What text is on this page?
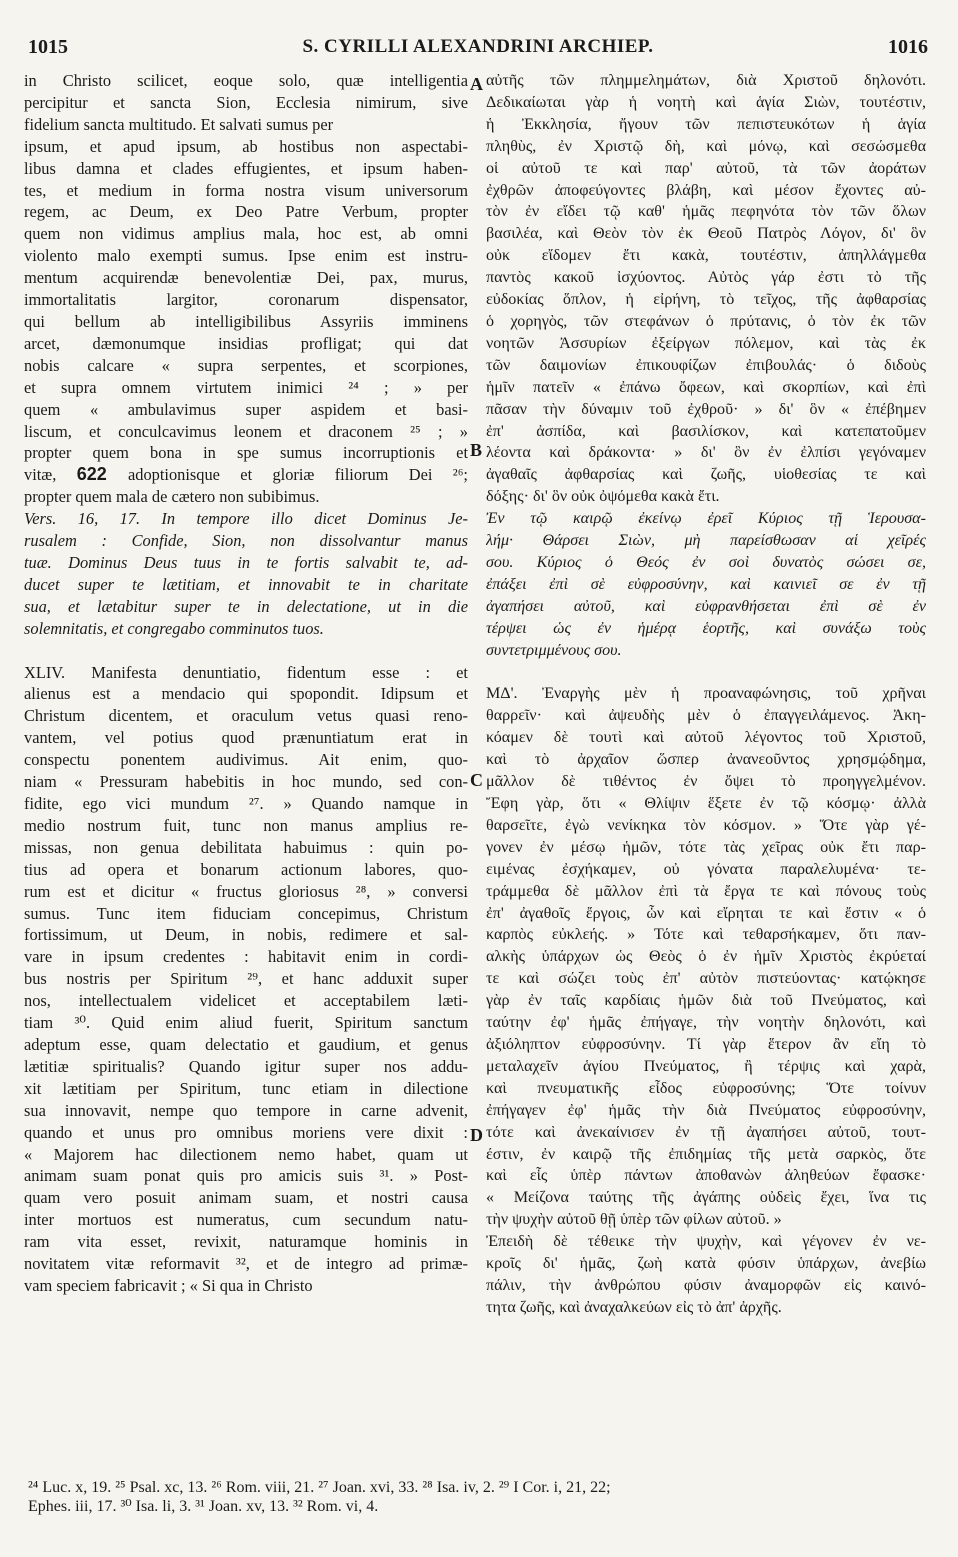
1015	S. CYRILLI ALEXANDRINI ARCHIEP.	1016
A
B
C
D
in Christo scilicet, eoque solo, quæ intelligentia
percipitur et sancta Sion, Ecclesia nimirum, sive
fidelium sancta multitudo. Et salvati sumus per
ipsum, et apud ipsum, ab hostibus non aspectabi-
libus damna et clades effugientes, et ipsum haben-
tes, et medium in forma nostra visum universorum
regem, ac Deum, ex Deo Patre Verbum, propter
quem non vidimus amplius mala, hoc est, ab omni
violento malo exempti sumus. Ipse enim est instru-
mentum acquirendæ benevolentiæ Dei, pax, murus,
immortalitatis largitor, coronarum dispensator,
qui bellum ab intelligibilibus Assyriis imminens
arcet, dæmonumque insidias profligat; qui dat
nobis calcare « supra serpentes, et scorpiones,
et supra omnem virtutem inimici ²⁴ ; » per
quem « ambulavimus super aspidem et basi-
liscum, et conculcavimus leonem et draconem ²⁵ ; »
propter quem bona in spe sumus incorruptionis et
vitæ, 622 adoptionisque et gloriæ filiorum Dei ²⁶;
propter quem mala de cætero non subibimus.
Vers. 16, 17. In tempore illo dicet Dominus Je-
rusalem : Confide, Sion, non dissolvantur manus
tuæ. Dominus Deus tuus in te fortis salvabit te, ad-
ducet super te lætitiam, et innovabit te in charitate
sua, et lætabitur super te in delectatione, ut in die
solemnitatis, et congregabo comminutos tuos.
XLIV. Manifesta denuntiatio, fidentum esse : et
alienus est a mendacio qui spopondit. Idipsum et
Christum dicentem, et oraculum vetus quasi reno-
vantem, vel potius quod prænuntiatum erat in
conspectu ponentem audivimus. Ait enim, quo-
niam « Pressuram habebitis in hoc mundo, sed con-
fidite, ego vici mundum ²⁷. » Quando namque in
medio nostrum fuit, tunc non manus amplius re-
missas, non genua debilitata habuimus : quin po-
tius ad opera et bonarum actionum labores, quo-
rum est et dicitur « fructus gloriosus ²⁸, » conversi
sumus. Tunc item fiduciam concepimus, Christum
fortissimum, ut Deum, in nobis, redimere et sal-
vare in ipsum credentes : habitavit enim in cordi-
bus nostris per Spiritum ²⁹, et hanc adduxit super
nos, intellectualem videlicet et acceptabilem læti-
tiam ³⁰. Quid enim aliud fuerit, Spiritum sanctum
adeptum esse, quam delectatio et gaudium, et genus
lætitiæ spiritualis? Quando igitur super nos addu-
xit lætitiam per Spiritum, tunc etiam in dilectione
sua innovavit, nempe quo tempore in carne advenit,
quando et unus pro omnibus moriens vere dixit :
« Majorem hac dilectionem nemo habet, quam ut
animam suam ponat quis pro amicis suis ³¹. » Post-
quam vero posuit animam suam, et nostri causa
inter mortuos est numeratus, cum secundum natu-
ram vita esset, revixit, naturamque hominis in
novitatem vitæ reformavit ³², et de integro ad primæ-
vam speciem fabricavit ; « Si qua in Christo
αὐτῆς τῶν πλημμελημάτων, διὰ Χριστοῦ δηλονότι.
Δεδικαίωται γὰρ ἡ νοητὴ καὶ ἁγία Σιὼν, τουτέστιν,
ἡ Ἐκκλησία, ἤγουν τῶν πεπιστευκότων ἡ ἁγία
πληθὺς, ἐν Χριστῷ δὴ, καὶ μόνῳ, καὶ σεσώσμεθα
οἱ αὐτοῦ τε καὶ παρ' αὐτοῦ, τὰ τῶν ἀοράτων
ἐχθρῶν ἀποφεύγοντες βλάβη, καὶ μέσον ἔχοντες αὐ-
τὸν ἐν εἴδει τῷ καθ' ἡμᾶς πεφηνότα τὸν τῶν ὅλων
βασιλέα, καὶ Θεὸν τὸν ἐκ Θεοῦ Πατρὸς Λόγον, δι' ὃν
οὐκ εἴδομεν ἔτι κακὰ, τουτέστιν, ἀπηλλάγμεθα
παντὸς κακοῦ ἰσχύοντος. Αὐτὸς γάρ ἐστι τὸ τῆς
εὐδοκίας ὅπλον, ἡ εἰρήνη, τὸ τεῖχος, τῆς ἀφθαρσίας
ὁ χορηγὸς, τῶν στεφάνων ὁ πρύτανις, ὁ τὸν ἐκ τῶν
νοητῶν Ἀσσυρίων ἐξείργων πόλεμον, καὶ τὰς ἐκ
τῶν δαιμονίων ἐπικουφίζων ἐπιβουλάς· ὁ διδοὺς
ἡμῖν πατεῖν « ἐπάνω ὄφεων, καὶ σκορπίων, καὶ ἐπὶ
πᾶσαν τὴν δύναμιν τοῦ ἐχθροῦ· » δι' ὃν « ἐπέβημεν
ἐπ' ἀσπίδα, καὶ βασιλίσκον, καὶ κατεπατοῦμεν
λέοντα καὶ δράκοντα· » δι' ὃν ἐν ἐλπίσι γεγόναμεν
ἀγαθαῖς ἀφθαρσίας καὶ ζωῆς, υἱοθεσίας τε καὶ
δόξης· δι' ὃν οὐκ ὀψόμεθα κακὰ ἔτι.
Ἐν τῷ καιρῷ ἐκείνῳ ἐρεῖ Κύριος τῇ Ἱερουσα-
λήμ· Θάρσει Σιὼν, μὴ παρείσθωσαν αἱ χεῖρές
σου. Κύριος ὁ Θεός ἐν σοὶ δυνατὸς σώσει σε,
ἐπάξει ἐπὶ σὲ εὐφροσύνην, καὶ καινιεῖ σε ἐν τῇ
ἀγαπήσει αὐτοῦ, καὶ εὐφρανθήσεται ἐπὶ σὲ ἐν
τέρψει ὡς ἐν ἡμέρᾳ ἑορτῆς, καὶ συνάξω τοὺς
συντετριμμένους σου.
ΜΔ'. Ἐναργὴς μὲν ἡ προαναφώνησις, τοῦ χρῆναι
θαρρεῖν· καὶ ἀψευδὴς μὲν ὁ ἐπαγγειλάμενος. Ἀκη-
κόαμεν δὲ τουτὶ καὶ αὐτοῦ λέγοντος τοῦ Χριστοῦ,
καὶ τὸ ἀρχαῖον ὥσπερ ἀνανεοῦντος χρησμῴδημα,
μᾶλλον δὲ τιθέντος ἐν ὄψει τὸ προηγγελμένον.
Ἔφη γὰρ, ὅτι « Θλίψιν ἕξετε ἐν τῷ κόσμῳ· ἀλλὰ
θαρσεῖτε, ἐγὼ νενίκηκα τὸν κόσμον. » Ὅτε γὰρ γέ-
γονεν ἐν μέσῳ ἡμῶν, τότε τὰς χεῖρας οὐκ ἔτι παρ-
ειμένας ἐσχήκαμεν, οὐ γόνατα παραλελυμένα· τε-
τράμμεθα δὲ μᾶλλον ἐπὶ τὰ ἔργα τε καὶ πόνους τοὺς
ἐπ' ἀγαθοῖς ἔργοις, ὧν καὶ εἴρηται τε καὶ ἔστιν « ὁ
καρπὸς εὐκλεής. » Τότε καὶ τεθαρσήκαμεν, ὅτι παν-
αλκὴς ὑπάρχων ὡς Θεὸς ὁ ἐν ἡμῖν Χριστὸς ἐκρύεταί
τε καὶ σώζει τοὺς ἐπ' αὐτὸν πιστεύοντας· κατῴκησε
γὰρ ἐν ταῖς καρδίαις ἡμῶν διὰ τοῦ Πνεύματος, καὶ
ταύτην ἐφ' ἡμᾶς ἐπήγαγε, τὴν νοητὴν δηλονότι, καὶ
ἀξιόληπτον εὐφροσύνην. Τί γὰρ ἕτερον ἂν εἴη τὸ
μεταλαχεῖν ἁγίου Πνεύματος, ἢ τέρψις καὶ χαρὰ,
καὶ πνευματικῆς εἶδος εὐφροσύνης; Ὅτε τοίνυν
ἐπήγαγεν ἐφ' ἡμᾶς τὴν διὰ Πνεύματος εὐφροσύνην,
τότε καὶ ἀνεκαίνισεν ἐν τῇ ἀγαπήσει αὐτοῦ, τουτ-
έστιν, ἐν καιρῷ τῆς ἐπιδημίας τῆς μετὰ σαρκὸς, ὅτε
καὶ εἷς ὑπὲρ πάντων ἀποθανὼν ἀληθεύων ἔφασκε·
« Μείζονα ταύτης τῆς ἀγάπης οὐδεὶς ἔχει, ἵνα τις
τὴν ψυχὴν αὐτοῦ θῇ ὑπὲρ τῶν φίλων αὐτοῦ. »
Ἐπειδὴ δὲ τέθεικε τὴν ψυχὴν, καὶ γέγονεν ἐν νε-
κροῖς δι' ἡμᾶς, ζωὴ κατὰ φύσιν ὑπάρχων, ἀνεβίω
πάλιν, τὴν ἀνθρώπου φύσιν ἀναμορφῶν εἰς καινό-
τητα ζωῆς, καὶ ἀναχαλκεύων εἰς τὸ ἀπ' ἀρχῆς.
²⁴ Luc. x, 19. ²⁵ Psal. xc, 13. ²⁶ Rom. viii, 21. ²⁷ Joan. xvi, 33. ²⁸ Isa. iv, 2. ²⁹ I Cor. i, 21, 22;
Ephes. iii, 17. ³⁰ Isa. li, 3. ³¹ Joan. xv, 13. ³² Rom. vi, 4.
